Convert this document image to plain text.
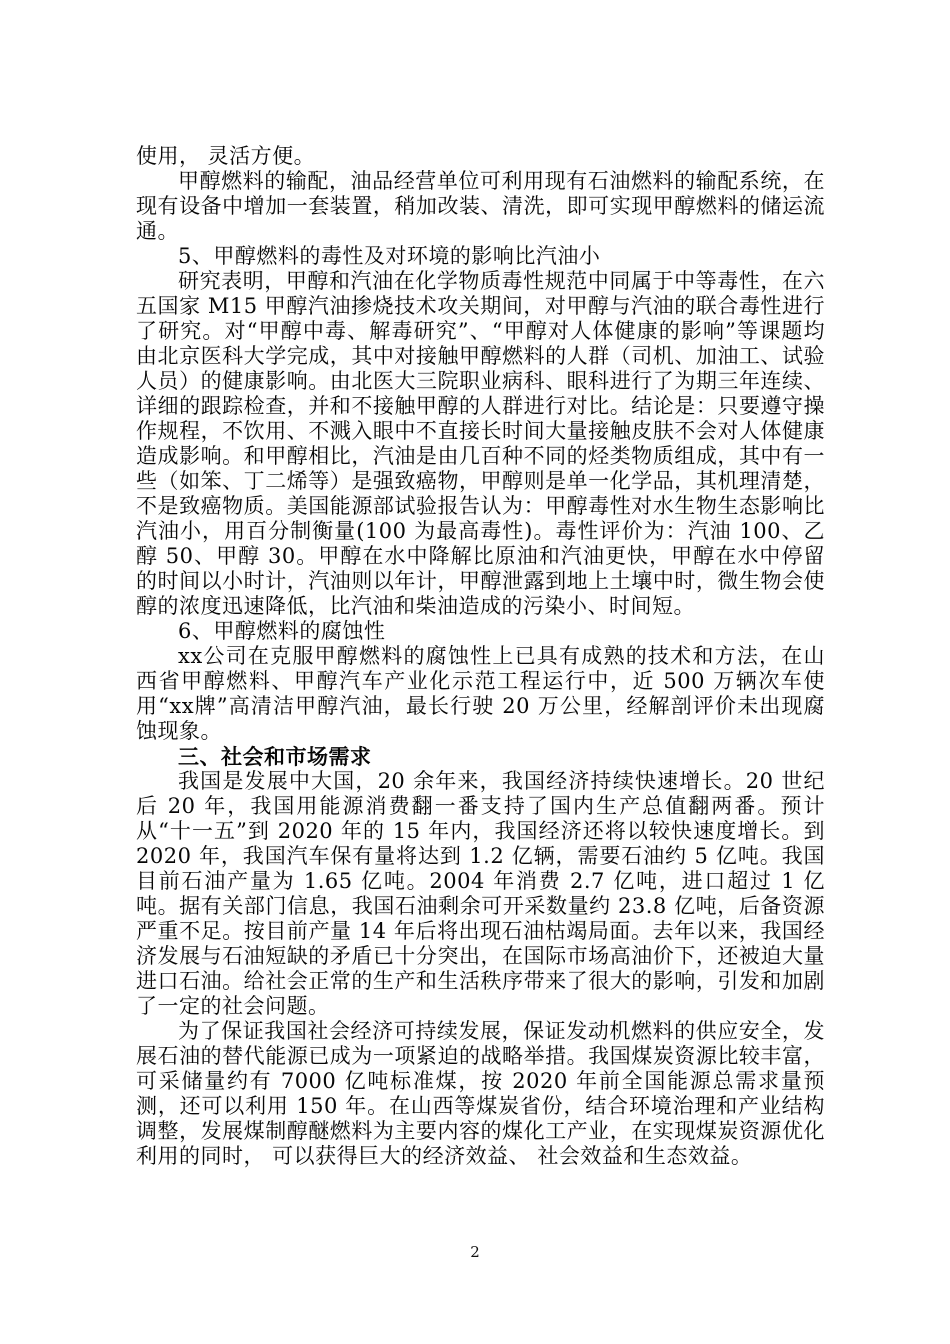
使用， 灵活方便。

甲醇燃料的输配，油品经营单位可利用现有石油燃料的输配系统，在现有设备中增加一套装置，稍加改装、清洗，即可实现甲醇燃料的储运流通。

5、甲醇燃料的毒性及对环境的影响比汽油小

研究表明，甲醇和汽油在化学物质毒性规范中同属于中等毒性，在六五国家 M15 甲醇汽油掺烧技术攻关期间，对甲醇与汽油的联合毒性进行了研究。对“甲醇中毒、解毒研究”、“甲醇对人体健康的影响”等课题均由北京医科大学完成，其中对接触甲醇燃料的人群（司机、加油工、试验人员）的健康影响。由北医大三院职业病科、眼科进行了为期三年连续、详细的跟踪检查，并和不接触甲醇的人群进行对比。结论是：只要遵守操作规程，不饮用、不溅入眼中不直接长时间大量接触皮肤不会对人体健康造成影响。和甲醇相比，汽油是由几百种不同的烃类物质组成，其中有一些（如笨、丁二烯等）是强致癌物，甲醇则是单一化学品，其机理清楚，不是致癌物质。美国能源部试验报告认为：甲醇毒性对水生物生态影响比汽油小，用百分制衡量(100 为最高毒性)。毒性评价为：汽油 100、乙醇 50、甲醇 30。甲醇在水中降解比原油和汽油更快，甲醇在水中停留的时间以小时计，汽油则以年计，甲醇泄露到地上土壤中时，微生物会使醇的浓度迅速降低，比汽油和柴油造成的污染小、时间短。

6、甲醇燃料的腐蚀性

xx公司在克服甲醇燃料的腐蚀性上已具有成熟的技术和方法，在山西省甲醇燃料、甲醇汽车产业化示范工程运行中，近 500 万辆次车使用“xx牌”高清洁甲醇汽油，最长行驶 20 万公里，经解剖评价未出现腐蚀现象。

三、社会和市场需求

我国是发展中大国，20 余年来，我国经济持续快速增长。20 世纪后 20 年，我国用能源消费翻一番支持了国内生产总值翻两番。预计从“十一五”到 2020 年的 15 年内，我国经济还将以较快速度增长。到 2020 年，我国汽车保有量将达到 1.2 亿辆，需要石油约 5 亿吨。我国目前石油产量为 1.65 亿吨。2004 年消费 2.7 亿吨，进口超过 1 亿吨。据有关部门信息，我国石油剩余可开采数量约 23.8 亿吨，后备资源严重不足。按目前产量 14 年后将出现石油枯竭局面。去年以来，我国经济发展与石油短缺的矛盾已十分突出，在国际市场高油价下，还被迫大量进口石油。给社会正常的生产和生活秩序带来了很大的影响，引发和加剧了一定的社会问题。

为了保证我国社会经济可持续发展，保证发动机燃料的供应安全，发展石油的替代能源已成为一项紧迫的战略举措。我国煤炭资源比较丰富，可采储量约有 7000 亿吨标准煤，按 2020 年前全国能源总需求量预测，还可以利用 150 年。在山西等煤炭省份，结合环境治理和产业结构调整，发展煤制醇醚燃料为主要内容的煤化工产业，在实现煤炭资源优化利用的同时， 可以获得巨大的经济效益、 社会效益和生态效益。

2
